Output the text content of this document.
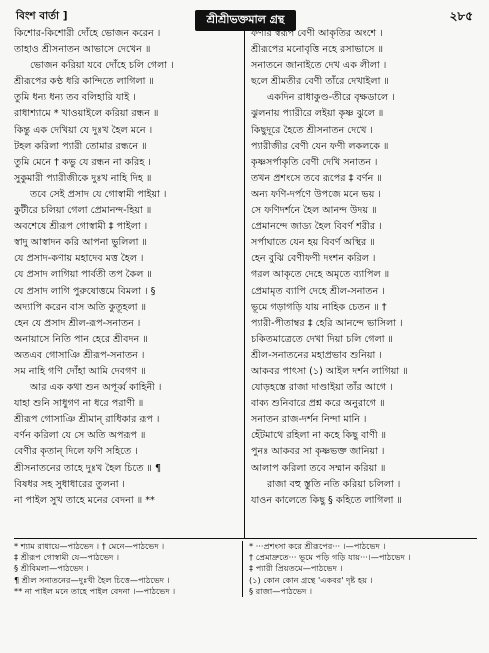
বিংশ বার্তা ]	শ্রীশ্রীভক্তমাল গ্রন্থ	২৮৫
কিশোর-কিশোরী দোঁহে ভোজন করেন ।
তাহাও শ্রীসনাতন আভাসে দেখেন ॥
ভোজন করিয়া যবে দোঁহে চলি গেলা ।
শ্রীরূপের কণ্ঠ ধরি কান্দিতে লাগিলা ॥
তুমি ধন্য ধন্য তব বলিহারি যাই ।
রাধাশ্যামে * খাওয়াইলে করিয়া রন্ধন ॥
কিন্তু এক দেখিয়া যে দুঃখ হৈল মনে ।
টহল করিলা প্যারী তোমার রন্ধনে ॥
তুমি মেনে † কভু যে রন্ধন না করিহ ।
সুকুমারী প্যারীজীকে দুঃখ নাহি দিহ ॥
তবে সেই প্রসাদ যে গোস্বামী পাইয়া ।
কুটীরে চলিয়া গেলা প্রেমানন্দ-হিয়া ॥
অবশেষে শ্রীরূপ গোস্বামী ‡ পাইলা ।
স্বাদু আস্বাদন করি আপনা ভুলিলা ॥
যে প্রসাদ-কণায় মহাদেব মত্ত হৈল ।
যে প্রসাদ লাগিয়া পার্বতী তপ কৈল ॥
যে প্রসাদ লাগি পুরুষোত্তমে বিমলা । §
অদ্যাপি করেন বাস অতি কুতূহলা ॥
হেন যে প্রসাদ শ্রীল-রূপ-সনাতন ।
অনায়াসে নিতি পান হেরে শ্রীবদন ॥
অতএব গোসাঞি শ্রীরূপ-সনাতন ।
সম নাহি গণি দোঁহা আমি দেবগণ ॥
আর এক কথা শুন অপূর্ব্ব কাহিনী ।
যাহা শুনি সাধুগণ না ধরে পরাণী ॥
শ্রীরূপ গোসাঞি শ্রীমান্ রাধিকার রূপ ।
বর্ণন করিলা যে সে অতি অপরূপ ॥
বেণীর কৃতান্ দিলে ফণি সহিতে ।
শ্রীসনাতনের তাহে দুঃখ হৈল চিতে ॥ ¶
বিষধর সহ সুধাধারের তুলনা ।
না পাইল সুখ তাহে মনের বেদনা ॥ **
ফণীর স্বরূপ বেণী আকৃতির অংশে ।
শ্রীরূপের মনোবৃত্তি নহে রসাভাসে ॥
সনাতনে জানাইতে দেখ এক লীলা ।
ছলে শ্রীমতীর বেণী তাঁরে দেখাইলা ॥
একদিন রাধাকুণ্ড-তীরে বৃক্ষডালে ।
ঝুলনায় প্যারীরে লইয়া কৃষ্ণ ঝুলে ॥
কিছুদূরে হৈতে শ্রীসনাতন দেখে ।
প্যারীজীর বেণী যেন ফণী লকলকে ॥
কৃষ্ণসর্পাকৃতি বেণী দেখি সনাতন ।
তখন প্রশংসে তবে রূপের ‡ বর্ণন ॥
অন্য ফণি-দর্পণে উপজে মনে ভয় ।
সে ফণিদর্শনে হৈল আনন্দ উদয় ॥
প্রেমানন্দে জাড্য হৈল বিবর্ণ শরীর ।
সর্পাঘাতে যেন হয় বিবর্ণ অস্থির ॥
হেন বুঝি বেণীফণী দংশন করিল ।
গরল আকৃতে দেহে অমৃতে ব্যাপিল ॥
প্রেমামৃত ব্যাপি দেহে শ্রীল-সনাতন ।
ভূমে গড়াগড়ি যায় নাহিক চেতন ॥ †
প্যারী-পীতাম্বর ‡ হেরি আনন্দে ভাসিলা ।
চকিতমাত্রেতে দেখা দিয়া চলি গেলা ॥
শ্রীল-সনাতনের মহাপ্রভাব শুনিয়া ।
আকবর পাৎসা (১) আইল দর্শন লাগিয়া ॥
যোড়হস্তে রাজা দাণ্ডাইয়া তাঁর আগে ।
বাক্য শুনিবারে প্রশ্ন করে অনুরাগে ॥
সনাতন রাজ-দর্শন নিন্দা মানি ।
হেঁটমাথে রহিলা না কহে কিছু বাণী ॥
পুনঃ আকবর সা কৃষ্ণভক্ত জানিয়া ।
আলাপ করিলা তবে সম্মান করিয়া ॥
রাজা বহু স্তুতি নতি করিয়া চলিলা ।
যাওন কালেতে কিছু § কহিতে লাগিলা ॥
* শ্যাম রাধায়ে—পাঠভেদ । † মেনে—পাঠভেদ ।
‡ শ্রীরূপ গোস্বামী যে—পাঠভেদ ।
§ শ্রীবিমলা—পাঠভেদ ।
¶ শ্রীল সনাতনের—দুঃখী হৈল চিত্তে—পাঠভেদ ।
** না পাইল মনে তাহে পাইল বেদনা ।—পাঠভেদ ।
* ···প্রশংসা করে শ্রীরূপের··· ।—পাঠভেদ ।
† প্রেমাদ্রুতে··· ভূমে পড়ি গড়ি যায়···।—পাঠভেদ ।
‡ প্যারী প্রিয়তমে—পাঠভেদ ।
(১) কোন কোন গ্রন্থে 'একবর' দৃষ্ট হয় ।
§ রাজা—পাঠভেদ ।
